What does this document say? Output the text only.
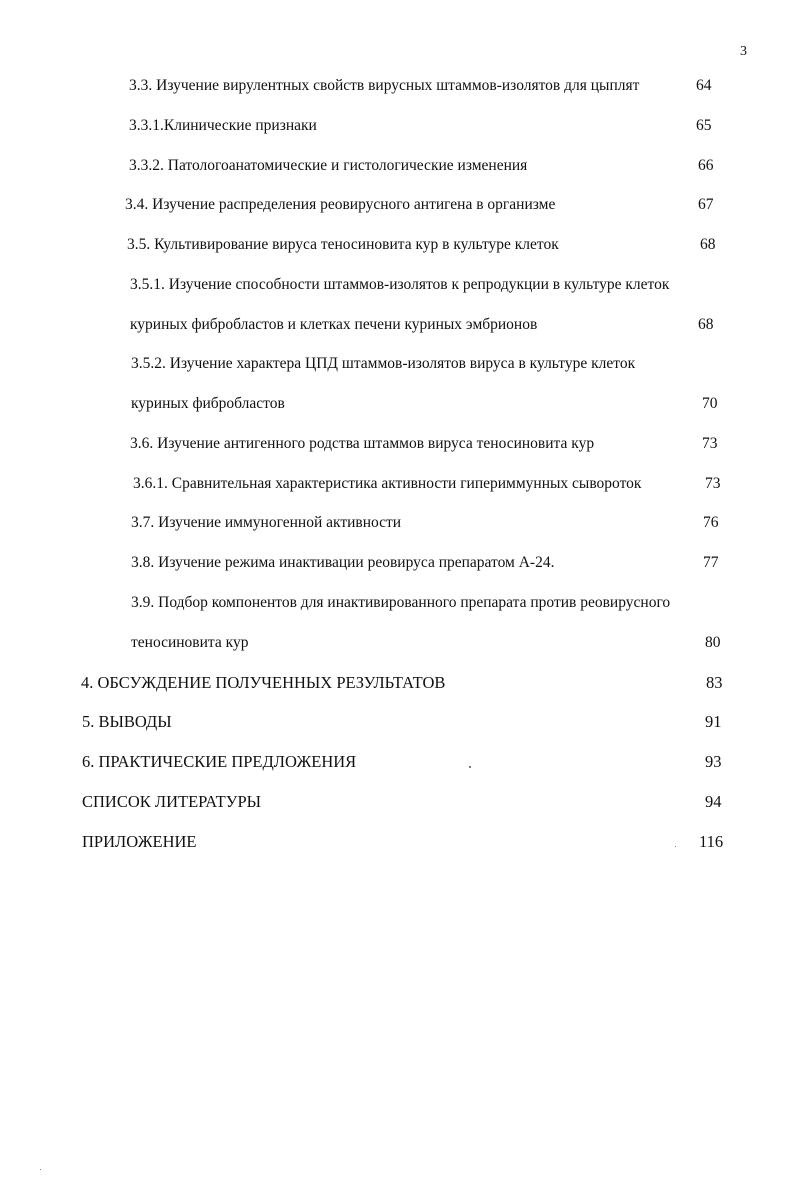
3
3.3. Изучение вирулентных свойств вирусных штаммов-изолятов для цыплят	64
3.3.1.Клинические признаки	65
3.3.2. Патологоанатомические и гистологические изменения	66
3.4. Изучение распределения реовирусного антигена в организме	67
3.5. Культивирование вируса теносиновита кур в культуре клеток	68
3.5.1. Изучение способности штаммов-изолятов к репродукции в культуре клеток
куриных фибробластов и клетках печени куриных эмбрионов	68
3.5.2. Изучение характера ЦПД штаммов-изолятов вируса в культуре клеток
куриных фибробластов	70
3.6. Изучение антигенного родства штаммов вируса теносиновита кур	73
3.6.1. Сравнительная характеристика активности гипериммунных сывороток	73
3.7. Изучение иммуногенной активности	76
3.8. Изучение режима инактивации реовируса препаратом А-24.	77
3.9. Подбор компонентов для инактивированного препарата против реовирусного
теносиновита кур	80
4. ОБСУЖДЕНИЕ ПОЛУЧЕННЫХ РЕЗУЛЬТАТОВ	83
5. ВЫВОДЫ	91
6. ПРАКТИЧЕСКИЕ ПРЕДЛОЖЕНИЯ	93
СПИСОК ЛИТЕРАТУРЫ	94
ПРИЛОЖЕНИЕ	116
